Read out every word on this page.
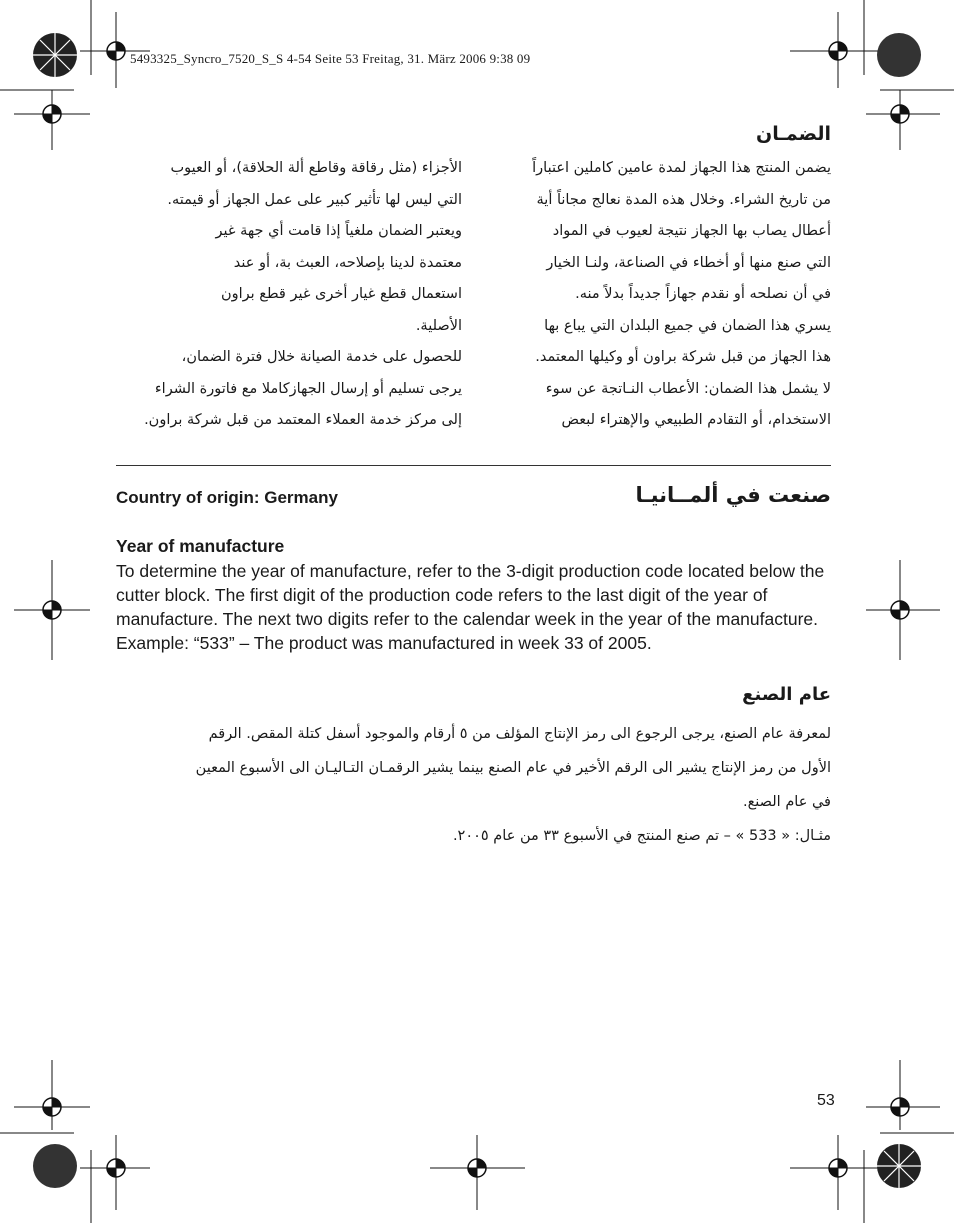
5493325_Syncro_7520_S_S 4-54 Seite 53 Freitag, 31. März 2006 9:38 09
الضمـان
يضمن المنتج هذا الجهاز لمدة عامين كاملين اعتباراً
من تاريخ الشراء. وخلال هذه المدة نعالج مجاناً أية
أعطال يصاب بها الجهاز نتيجة لعيوب في المواد
التي صنع منها أو أخطاء في الصناعة، ولنـا الخيار
في أن نصلحه أو نقدم جهازاً جديداً بدلاً منه.
يسري هذا الضمان في جميع البلدان التي يباع بها
هذا الجهاز من قبل شركة براون أو وكيلها المعتمد.
لا يشمل هذا الضمان: الأعطاب النـاتجة عن سوء
الاستخدام، أو التقادم الطبيعي والإهتراء لبعض
الأجزاء (مثل رقاقة وقاطع ألة الحلاقة)، أو العيوب
التي ليس لها تأثير كبير على عمل الجهاز أو قيمته.
ويعتبر الضمان ملغياً إذا قامت أي جهة غير
معتمدة لدينا بإصلاحه، العبث بة، أو عند
استعمال قطع غيار أخرى غير قطع براون
الأصلية.
للحصول على خدمة الصيانة خلال فترة الضمان،
يرجى تسليم أو إرسال الجهازكاملا مع فاتورة الشراء
إلى مركز خدمة العملاء المعتمد من قبل شركة براون.
Country of origin: Germany	صنعت في ألمــانيـا
Year of manufacture

To determine the year of manufacture, refer to the 3-digit production code located below the cutter block. The first digit of the production code refers to the last digit of the year of manufacture. The next two digits refer to the calendar week in the year of the manufacture.

Example: “533” – The product was manufactured in week 33 of 2005.

عام الصنع
لمعرفة عام الصنع، يرجى الرجوع الى رمز الإنتاج المؤلف من ٥ أرقام والموجود أسفل كتلة المقص. الرقم
الأول من رمز الإنتاج يشير الى الرقم الأخير في عام الصنع بينما يشير الرقمـان التـاليـان الى الأسبوع المعين
في عام الصنع.
مثـال: « 533 » – تم صنع المنتج في الأسبوع ٣٣ من عام ٢٠٠٥.
53
